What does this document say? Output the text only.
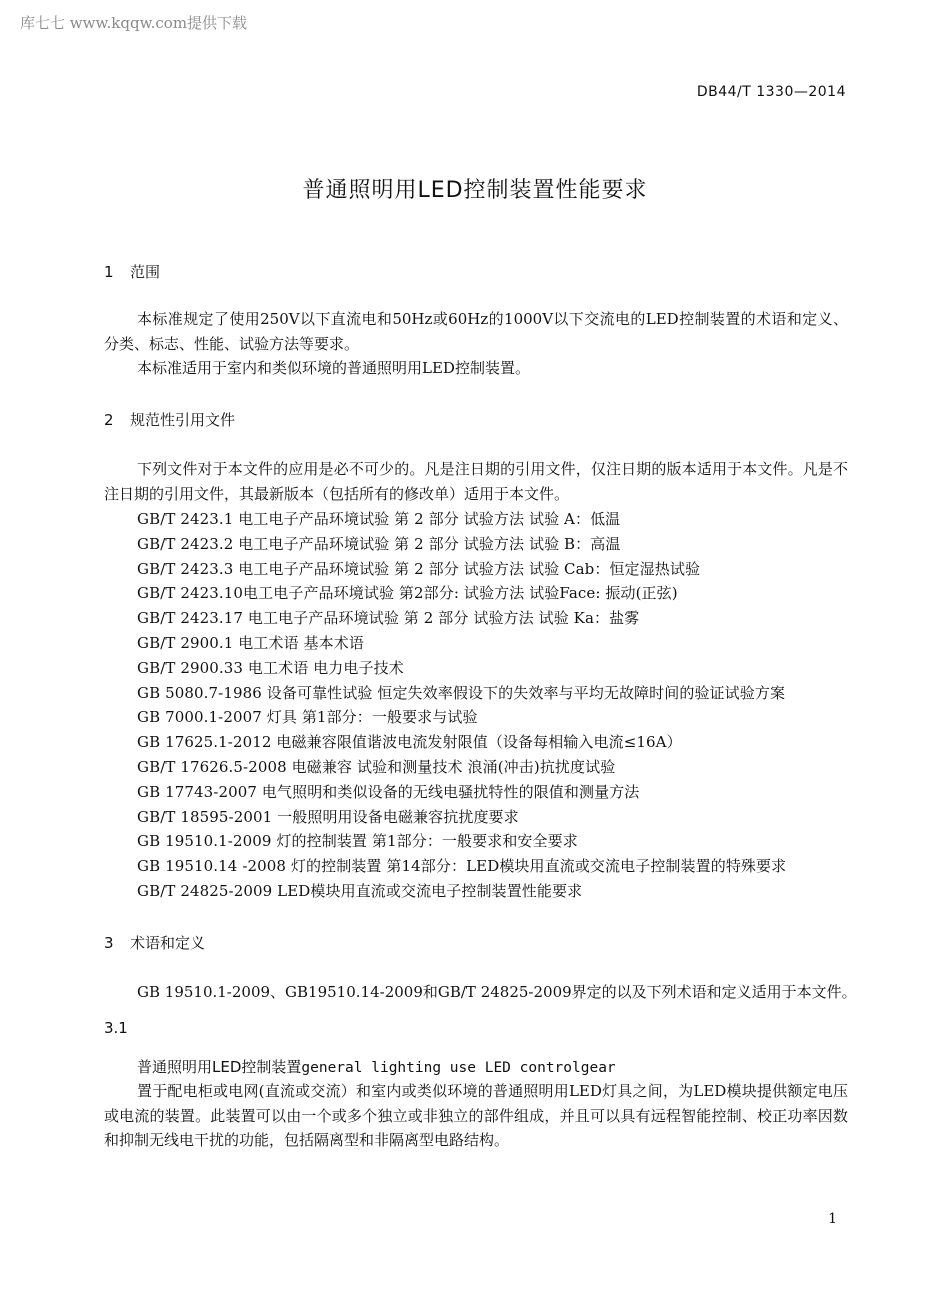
库七七 www.kqqw.com提供下载
DB44/T 1330—2014
普通照明用LED控制装置性能要求
1 范围
本标准规定了使用250V以下直流电和50Hz或60Hz的1000V以下交流电的LED控制装置的术语和定义、分类、标志、性能、试验方法等要求。
本标准适用于室内和类似环境的普通照明用LED控制装置。
2 规范性引用文件
下列文件对于本文件的应用是必不可少的。凡是注日期的引用文件，仅注日期的版本适用于本文件。凡是不注日期的引用文件，其最新版本（包括所有的修改单）适用于本文件。
GB/T 2423.1 电工电子产品环境试验 第 2 部分 试验方法 试验 A：低温
GB/T 2423.2 电工电子产品环境试验 第 2 部分 试验方法 试验 B：高温
GB/T 2423.3 电工电子产品环境试验 第 2 部分 试验方法 试验 Cab：恒定湿热试验
GB/T 2423.10电工电子产品环境试验 第2部分: 试验方法 试验Face: 振动(正弦)
GB/T 2423.17 电工电子产品环境试验 第 2 部分 试验方法 试验 Ka：盐雾
GB/T 2900.1 电工术语 基本术语
GB/T 2900.33 电工术语 电力电子技术
GB 5080.7-1986 设备可靠性试验 恒定失效率假设下的失效率与平均无故障时间的验证试验方案
GB 7000.1-2007 灯具 第1部分：一般要求与试验
GB 17625.1-2012 电磁兼容限值谐波电流发射限值（设备每相输入电流≤16A）
GB/T 17626.5-2008 电磁兼容 试验和测量技术 浪涌(冲击)抗扰度试验
GB 17743-2007 电气照明和类似设备的无线电骚扰特性的限值和测量方法
GB/T 18595-2001 一般照明用设备电磁兼容抗扰度要求
GB 19510.1-2009 灯的控制装置 第1部分：一般要求和安全要求
GB 19510.14 -2008 灯的控制装置 第14部分：LED模块用直流或交流电子控制装置的特殊要求
GB/T 24825-2009 LED模块用直流或交流电子控制装置性能要求
3 术语和定义
GB 19510.1-2009、GB19510.14-2009和GB/T 24825-2009界定的以及下列术语和定义适用于本文件。
3.1
普通照明用LED控制装置general lighting use LED controlgear
置于配电柜或电网(直流或交流）和室内或类似环境的普通照明用LED灯具之间，为LED模块提供额定电压或电流的装置。此装置可以由一个或多个独立或非独立的部件组成，并且可以具有远程智能控制、校正功率因数和抑制无线电干扰的功能，包括隔离型和非隔离型电路结构。
1
